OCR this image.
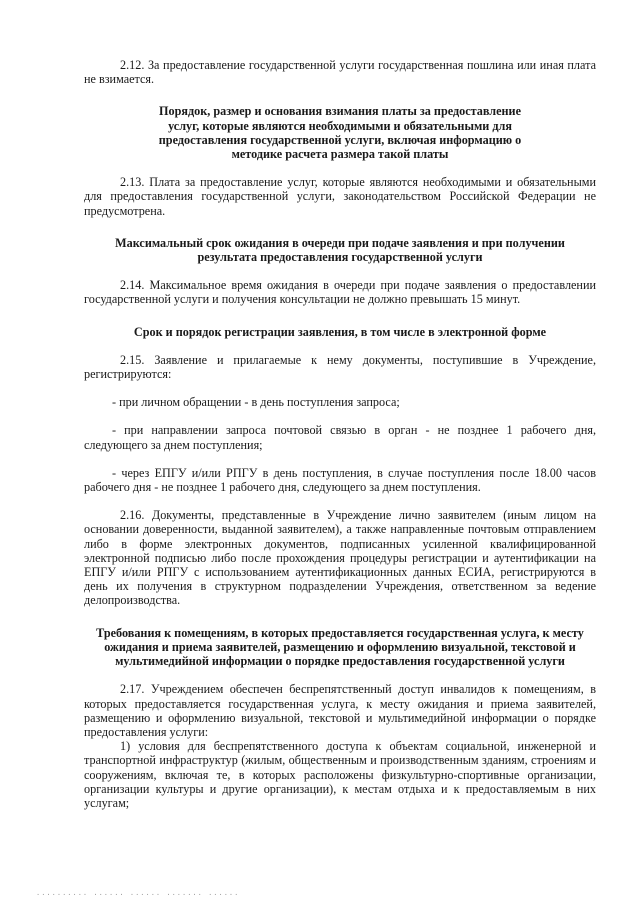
2.12. За предоставление государственной услуги государственная пошлина или иная плата не взимается.

Порядок, размер и основания взимания платы за предоставление услуг, которые являются необходимыми и обязательными для предоставления государственной услуги, включая информацию о методике расчета размера такой платы

2.13. Плата за предоставление услуг, которые являются необходимыми и обязательными для предоставления государственной услуги, законодательством Российской Федерации не предусмотрена.

Максимальный срок ожидания в очереди при подаче заявления и при получении результата предоставления государственной услуги

2.14. Максимальное время ожидания в очереди при подаче заявления о предоставлении государственной услуги и получения консультации не должно превышать 15 минут.

Срок и порядок регистрации заявления, в том числе в электронной форме

2.15. Заявление и прилагаемые к нему документы, поступившие в Учреждение, регистрируются:

- при личном обращении - в день поступления запроса;

- при направлении запроса почтовой связью в орган - не позднее 1 рабочего дня, следующего за днем поступления;

- через ЕПГУ и/или РПГУ в день поступления, в случае поступления после 18.00 часов рабочего дня - не позднее 1 рабочего дня, следующего за днем поступления.

2.16. Документы, представленные в Учреждение лично заявителем (иным лицом на основании доверенности, выданной заявителем), а также направленные почтовым отправлением либо в форме электронных документов, подписанных усиленной квалифицированной электронной подписью либо после прохождения процедуры регистрации и аутентификации на ЕПГУ и/или РПГУ с использованием аутентификационных данных ЕСИА, регистрируются в день их получения в структурном подразделении Учреждения, ответственном за ведение делопроизводства.

Требования к помещениям, в которых предоставляется государственная услуга, к месту ожидания и приема заявителей, размещению и оформлению визуальной, текстовой и мультимедийной информации о порядке предоставления государственной услуги

2.17. Учреждением обеспечен беспрепятственный доступ инвалидов к помещениям, в которых предоставляется государственная услуга, к месту ожидания и приема заявителей, размещению и оформлению визуальной, текстовой и мультимедийной информации о порядке предоставления услуги:

1) условия для беспрепятственного доступа к объектам социальной, инженерной и транспортной инфраструктур (жилым, общественным и производственным зданиям, строениям и сооружениям, включая те, в которых расположены физкультурно-спортивные организации, организации культуры и другие организации), к местам отдыха и к предоставляемым в них услугам;

·········· ······ ······ ······· ······
